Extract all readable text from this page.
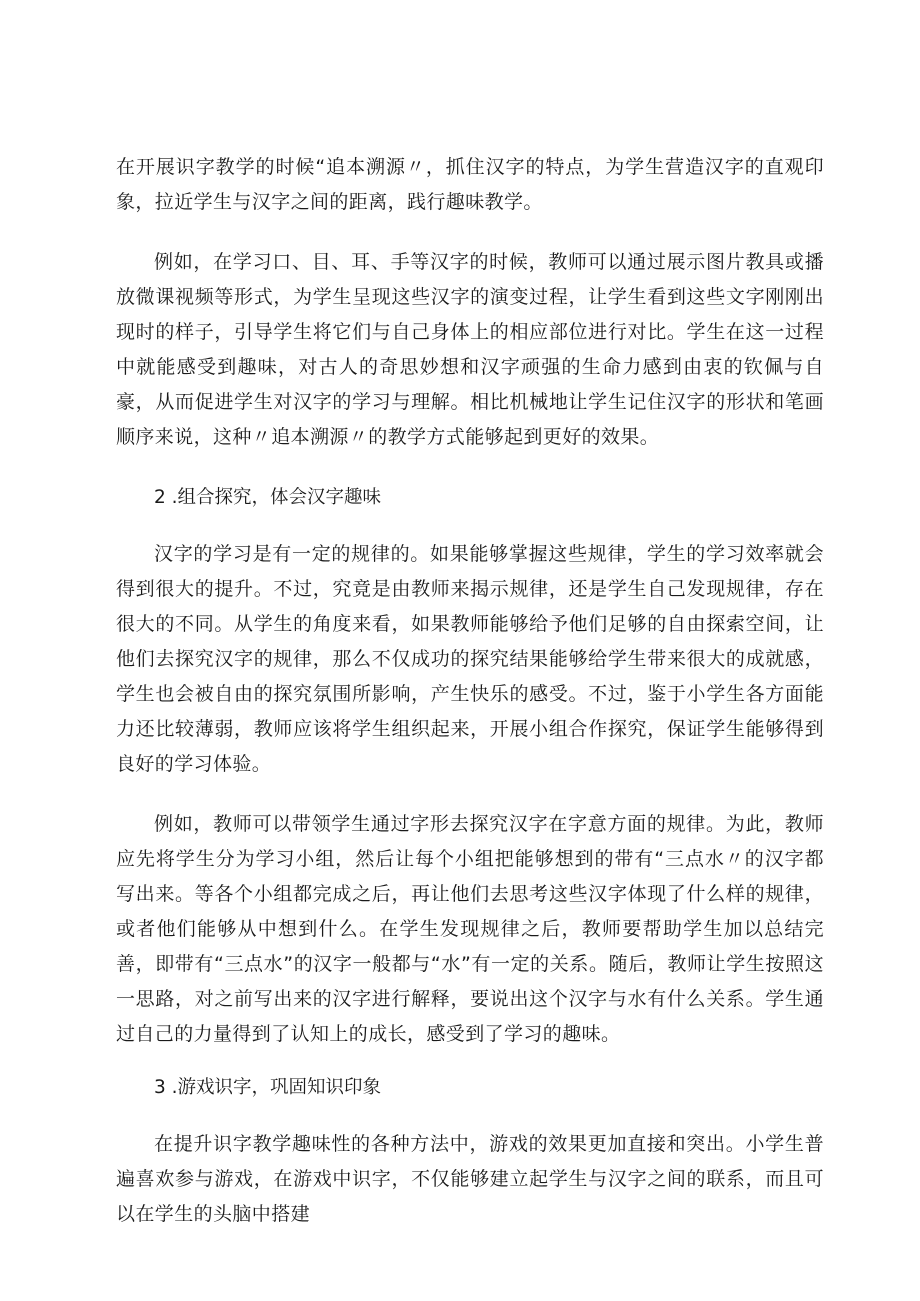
在开展识字教学的时候“追本溯源〃，抓住汉字的特点，为学生营造汉字的直观印象，拉近学生与汉字之间的距离，践行趣味教学。

例如，在学习口、目、耳、手等汉字的时候，教师可以通过展示图片教具或播放微课视频等形式，为学生呈现这些汉字的演变过程，让学生看到这些文字刚刚出现时的样子，引导学生将它们与自己身体上的相应部位进行对比。学生在这一过程中就能感受到趣味，对古人的奇思妙想和汉字顽强的生命力感到由衷的钦佩与自豪，从而促进学生对汉字的学习与理解。相比机械地让学生记住汉字的形状和笔画顺序来说，这种〃追本溯源〃的教学方式能够起到更好的效果。

2 .组合探究，体会汉字趣味

汉字的学习是有一定的规律的。如果能够掌握这些规律，学生的学习效率就会得到很大的提升。不过，究竟是由教师来揭示规律，还是学生自己发现规律，存在很大的不同。从学生的角度来看，如果教师能够给予他们足够的自由探索空间，让他们去探究汉字的规律，那么不仅成功的探究结果能够给学生带来很大的成就感，学生也会被自由的探究氛围所影响，产生快乐的感受。不过，鉴于小学生各方面能力还比较薄弱，教师应该将学生组织起来，开展小组合作探究，保证学生能够得到良好的学习体验。

例如，教师可以带领学生通过字形去探究汉字在字意方面的规律。为此，教师应先将学生分为学习小组，然后让每个小组把能够想到的带有“三点水〃的汉字都写出来。等各个小组都完成之后，再让他们去思考这些汉字体现了什么样的规律，或者他们能够从中想到什么。在学生发现规律之后，教师要帮助学生加以总结完善，即带有“三点水”的汉字一般都与“水”有一定的关系。随后，教师让学生按照这一思路，对之前写出来的汉字进行解释，要说出这个汉字与水有什么关系。学生通过自己的力量得到了认知上的成长，感受到了学习的趣味。

3 .游戏识字，巩固知识印象

在提升识字教学趣味性的各种方法中，游戏的效果更加直接和突出。小学生普遍喜欢参与游戏，在游戏中识字，不仅能够建立起学生与汉字之间的联系，而且可以在学生的头脑中搭建
